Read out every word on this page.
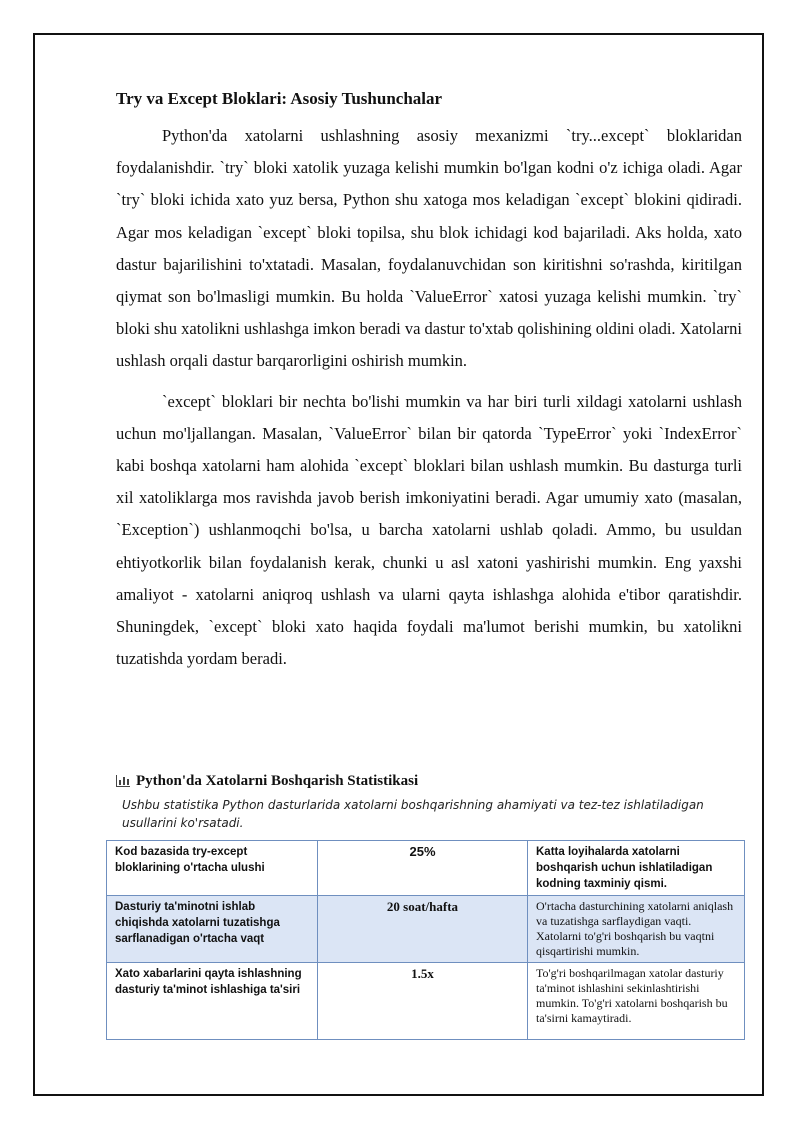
Try va Except Bloklari: Asosiy Tushunchalar

Python'da xatolarni ushlashning asosiy mexanizmi `try...except` bloklaridan foydalanishdir. `try` bloki xatolik yuzaga kelishi mumkin bo'lgan kodni o'z ichiga oladi. Agar `try` bloki ichida xato yuz bersa, Python shu xatoga mos keladigan `except` blokini qidiradi. Agar mos keladigan `except` bloki topilsa, shu blok ichidagi kod bajariladi. Aks holda, xato dastur bajarilishini to'xtatadi. Masalan, foydalanuvchidan son kiritishni so'rashda, kiritilgan qiymat son bo'lmasligi mumkin. Bu holda `ValueError` xatosi yuzaga kelishi mumkin. `try` bloki shu xatolikni ushlashga imkon beradi va dastur to'xtab qolishining oldini oladi. Xatolarni ushlash orqali dastur barqarorligini oshirish mumkin.

`except` bloklari bir nechta bo'lishi mumkin va har biri turli xildagi xatolarni ushlash uchun mo'ljallangan. Masalan, `ValueError` bilan bir qatorda `TypeError` yoki `IndexError` kabi boshqa xatolarni ham alohida `except` bloklari bilan ushlash mumkin. Bu dasturga turli xil xatoliklarga mos ravishda javob berish imkoniyatini beradi. Agar umumiy xato (masalan, `Exception`) ushlanmoqchi bo'lsa, u barcha xatolarni ushlab qoladi. Ammo, bu usuldan ehtiyotkorlik bilan foydalanish kerak, chunki u asl xatoni yashirishi mumkin. Eng yaxshi amaliyot - xatolarni aniqroq ushlash va ularni qayta ishlashga alohida e'tibor qaratishdir. Shuningdek, `except` bloki xato haqida foydali ma'lumot berishi mumkin, bu xatolikni tuzatishda yordam beradi.

Python'da Xatolarni Boshqarish Statistikasi
Ushbu statistika Python dasturlarida xatolarni boshqarishning ahamiyati va tez-tez ishlatiladigan usullarini ko'rsatadi.
Kod bazasida try-except bloklarining o'rtacha ulushi	25%	Katta loyihalarda xatolarni boshqarish uchun ishlatiladigan kodning taxminiy qismi.
Dasturiy ta'minotni ishlab chiqishda xatolarni tuzatishga sarflanadigan o'rtacha vaqt	20 soat/hafta	O'rtacha dasturchining xatolarni aniqlash va tuzatishga sarflaydigan vaqti. Xatolarni to'g'ri boshqarish bu vaqtni qisqartirishi mumkin.
Xato xabarlarini qayta ishlashning dasturiy ta'minot ishlashiga ta'siri	1.5x	To'g'ri boshqarilmagan xatolar dasturiy ta'minot ishlashini sekinlashtirishi mumkin. To'g'ri xatolarni boshqarish bu ta'sirni kamaytiradi.
